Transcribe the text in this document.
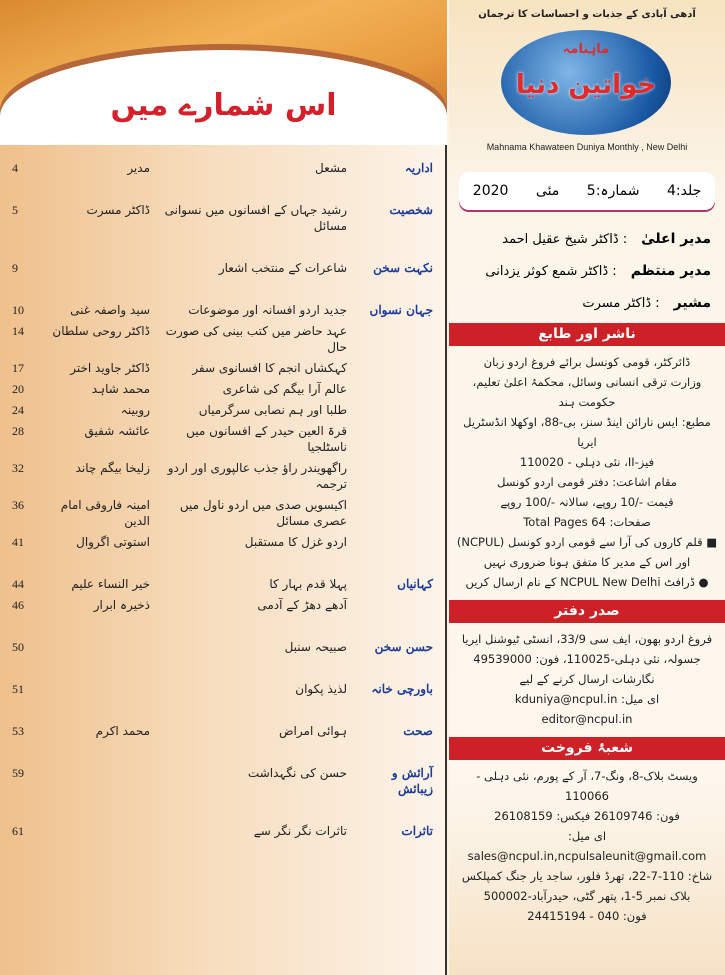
اس شمارے میں
اداریہ
مشعل
مدیر
4
شخصیت
رشید جہاں کے افسانوں میں نسوانی مسائل
ڈاکٹر مسرت
5
نکہت سخن
شاعرات کے منتخب اشعار
9
جہان نسواں
جدید اردو افسانہ اور موضوعات
سید واصفہ غنی
10
عہد حاضر میں کتب بینی کی صورت حال
ڈاکٹر روحی سلطان
14
کہکشاں انجم کا افسانوی سفر
ڈاکٹر جاوید اختر
17
عالم آرا بیگم کی شاعری
محمد شاہد
20
طلبا اور ہم نصابی سرگرمیاں
روبینہ
24
قرۃ العین حیدر کے افسانوں میں ناسٹلجیا
عائشہ شفیق
28
راگھویندر راؤ جذب عالپوری اور اردو ترجمہ
زلیخا بیگم چاند
32
اکیسویں صدی میں اردو ناول میں عصری مسائل
امینہ فاروقی امام الدین
36
اردو غزل کا مستقبل
استوتی اگروال
41
کہانیاں
پہلا قدم بہار کا
خیر النساء علیم
44
آدھے دھڑ کے آدمی
ذخیرہ ابرار
46
حسن سخن
صبیحہ سنبل
50
باورچی خانہ
لذیذ پکوان
51
صحت
ہوائی امراض
محمد اکرم
53
آرائش و زیبائش
حسن کی نگہداشت
59
تاثرات
تاثرات نگر نگر سے
61
آدھی آبادی کے جذبات و احساسات کا ترجمان
ماہنامہ
خواتین دنیا
Mahnama Khawateen Duniya Monthly , New Delhi
جلد:4
شمارہ:5
مئی
2020
مدیر اعلیٰ: ڈاکٹر شیخ عقیل احمد
مدیر منتظم: ڈاکٹر شمع کوثر یزدانی
مشیر: ڈاکٹر مسرت
ناشر اور طابع
ڈائرکٹر، قومی کونسل برائے فروغ اردو زبان
وزارت ترقی انسانی وسائل، محکمۂ اعلیٰ تعلیم، حکومت ہند
مطبع: ایس نارائن اینڈ سنز، بی-88، اوکھلا انڈسٹریل ایریا
فیز-II، نئی دہلی - 110020
مقام اشاعت: دفتر قومی اردو کونسل
قیمت -/10 روپے، سالانہ -/100 روپے
صفحات: Total Pages 64
■ قلم کاروں کی آرا سے قومی اردو کونسل (NCPUL)
اور اس کے مدیر کا متفق ہونا ضروری نہیں
● ڈرافٹ NCPUL New Delhi کے نام ارسال کریں
صدر دفتر
فروغ اردو بھون، ایف سی 33/9، انسٹی ٹیوشنل ایریا
جسولہ، نئی دہلی-110025، فون: 49539000
نگارشات ارسال کرنے کے لیے
ای میل: kduniya@ncpul.in
editor@ncpul.in
شعبۂ فروخت
ویسٹ بلاک-8، ونگ-7، آر کے پورم، نئی دہلی - 110066
فون: 26109746 فیکس: 26108159
ای میل: sales@ncpul.in,ncpulsaleunit@gmail.com
شاخ: 110-7-22، تھرڈ فلور، ساجد یار جنگ کمپلکس
بلاک نمبر 5-1، پتھر گٹی، حیدرآباد-500002
فون: 040 - 24415194
